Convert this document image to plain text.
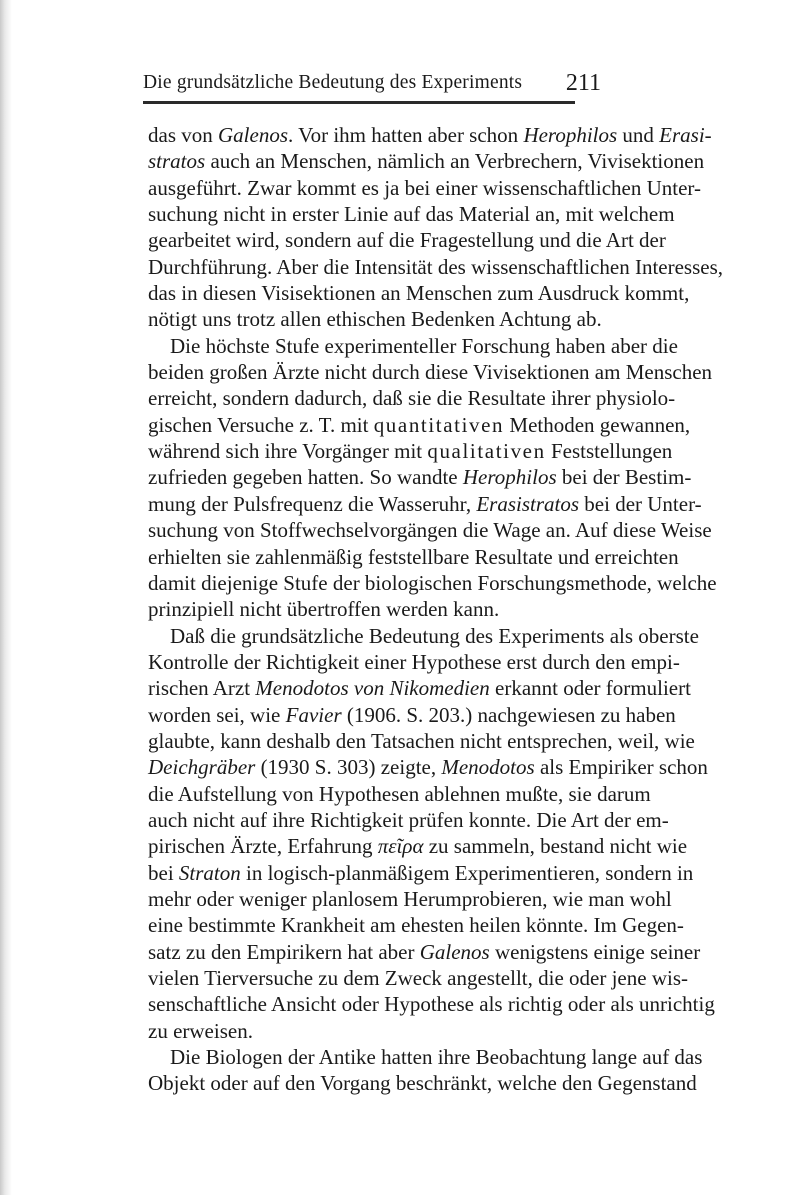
Die grundsätzliche Bedeutung des Experiments 211
das von Galenos. Vor ihm hatten aber schon Herophilos und Erasi-
stratos auch an Menschen, nämlich an Verbrechern, Vivisektionen
ausgeführt. Zwar kommt es ja bei einer wissenschaftlichen Unter-
suchung nicht in erster Linie auf das Material an, mit welchem
gearbeitet wird, sondern auf die Fragestellung und die Art der
Durchführung. Aber die Intensität des wissenschaftlichen Interesses,
das in diesen Visisektionen an Menschen zum Ausdruck kommt,
nötigt uns trotz allen ethischen Bedenken Achtung ab.
Die höchste Stufe experimenteller Forschung haben aber die
beiden großen Ärzte nicht durch diese Vivisektionen am Menschen
erreicht, sondern dadurch, daß sie die Resultate ihrer physiolo-
gischen Versuche z. T. mit quantitativen Methoden gewannen,
während sich ihre Vorgänger mit qualitativen Feststellungen
zufrieden gegeben hatten. So wandte Herophilos bei der Bestim-
mung der Pulsfrequenz die Wasseruhr, Erasistratos bei der Unter-
suchung von Stoffwechselvorgängen die Wage an. Auf diese Weise
erhielten sie zahlenmäßig feststellbare Resultate und erreichten
damit diejenige Stufe der biologischen Forschungsmethode, welche
prinzipiell nicht übertroffen werden kann.
Daß die grundsätzliche Bedeutung des Experiments als oberste
Kontrolle der Richtigkeit einer Hypothese erst durch den empi-
rischen Arzt Menodotos von Nikomedien erkannt oder formuliert
worden sei, wie Favier (1906. S. 203.) nachgewiesen zu haben
glaubte, kann deshalb den Tatsachen nicht entsprechen, weil, wie
Deichgräber (1930 S. 303) zeigte, Menodotos als Empiriker schon
die Aufstellung von Hypothesen ablehnen mußte, sie darum
auch nicht auf ihre Richtigkeit prüfen konnte. Die Art der em-
pirischen Ärzte, Erfahrung πεῖρα zu sammeln, bestand nicht wie
bei Straton in logisch-planmäßigem Experimentieren, sondern in
mehr oder weniger planlosem Herumprobieren, wie man wohl
eine bestimmte Krankheit am ehesten heilen könnte. Im Gegen-
satz zu den Empirikern hat aber Galenos wenigstens einige seiner
vielen Tierversuche zu dem Zweck angestellt, die oder jene wis-
senschaftliche Ansicht oder Hypothese als richtig oder als unrichtig
zu erweisen.
Die Biologen der Antike hatten ihre Beobachtung lange auf das
Objekt oder auf den Vorgang beschränkt, welche den Gegenstand
